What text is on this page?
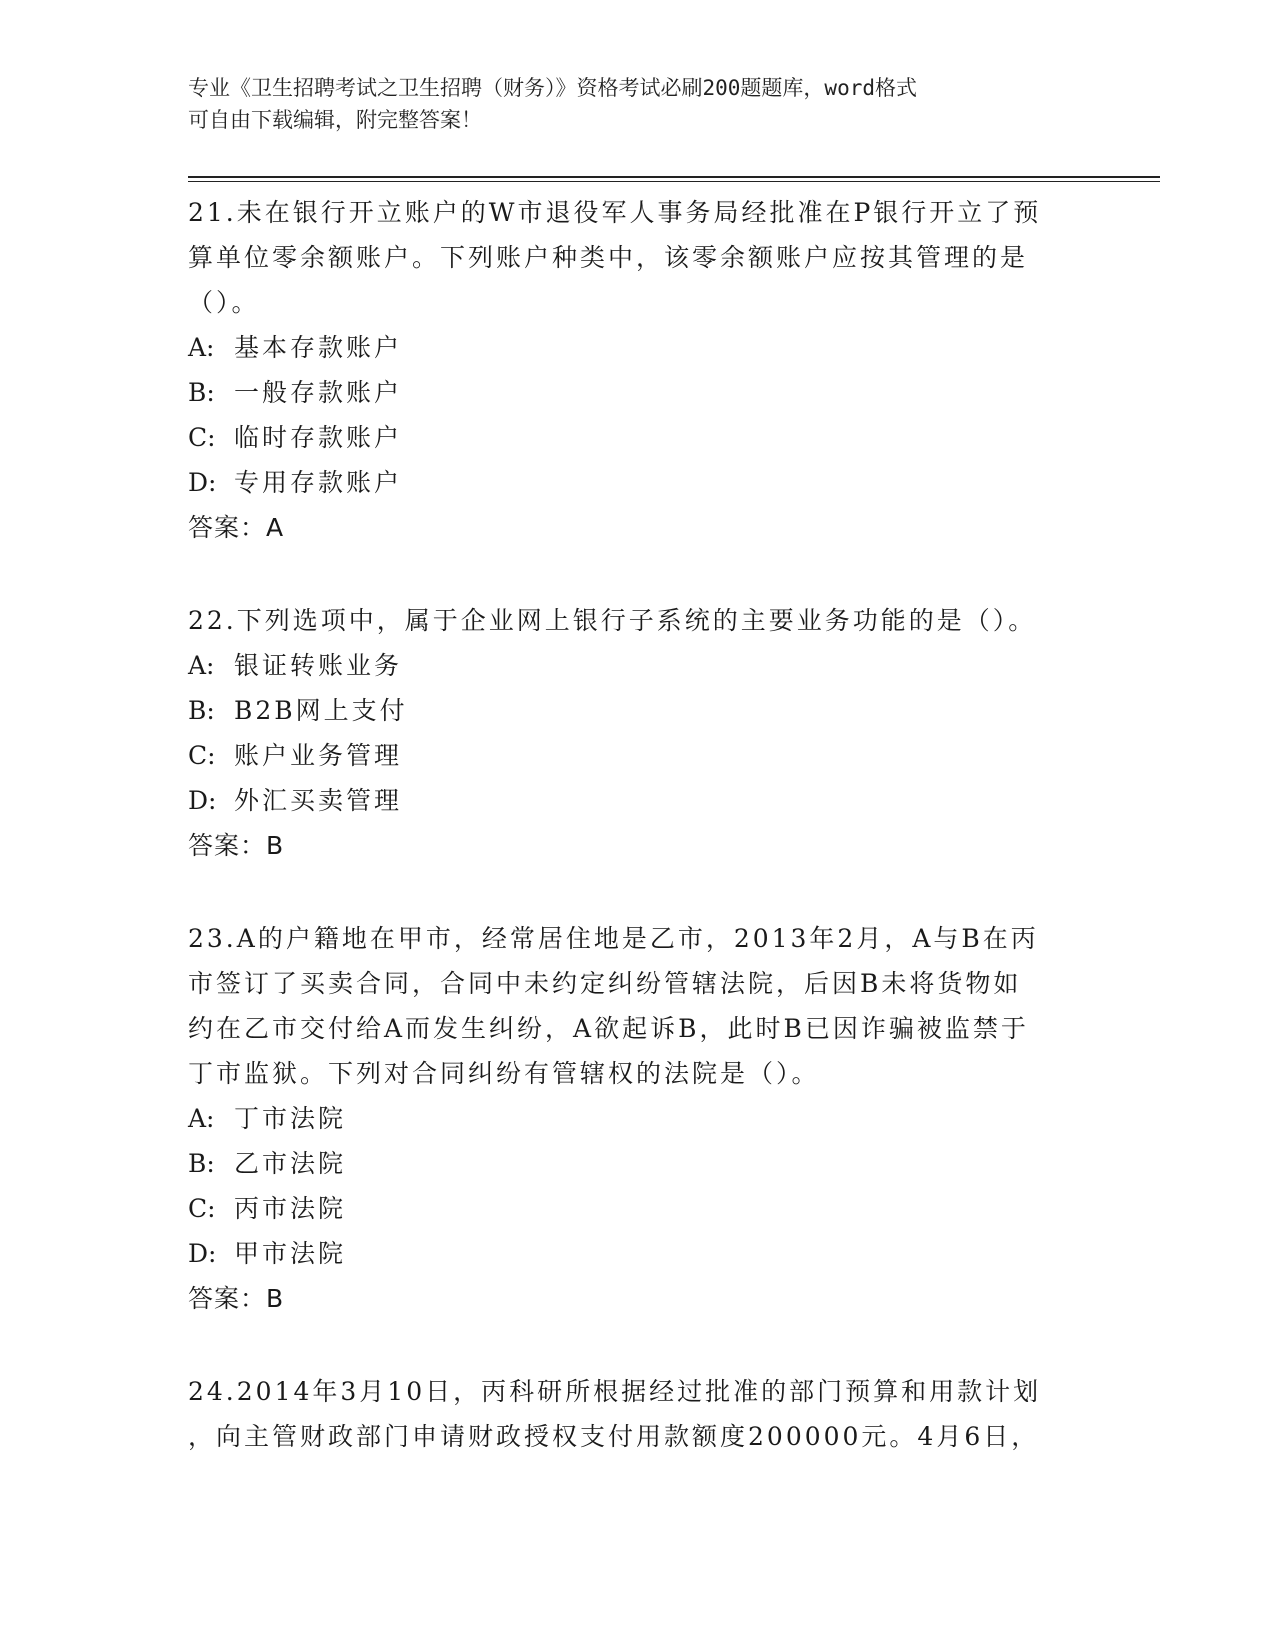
专业《卫生招聘考试之卫生招聘（财务）》资格考试必刷200题题库，word格式
可自由下载编辑，附完整答案！
21.未在银行开立账户的W市退役军人事务局经批准在P银行开立了预
算单位零余额账户。下列账户种类中，该零余额账户应按其管理的是
（）。
A: 基本存款账户
B: 一般存款账户
C: 临时存款账户
D: 专用存款账户
答案：A
22.下列选项中，属于企业网上银行子系统的主要业务功能的是（）。
A: 银证转账业务
B: B2B网上支付
C: 账户业务管理
D: 外汇买卖管理
答案：B
23.A的户籍地在甲市，经常居住地是乙市，2013年2月，A与B在丙
市签订了买卖合同，合同中未约定纠纷管辖法院，后因B未将货物如
约在乙市交付给A而发生纠纷，A欲起诉B，此时B已因诈骗被监禁于
丁市监狱。下列对合同纠纷有管辖权的法院是（）。
A: 丁市法院
B: 乙市法院
C: 丙市法院
D: 甲市法院
答案：B
24.2014年3月10日，丙科研所根据经过批准的部门预算和用款计划
，向主管财政部门申请财政授权支付用款额度200000元。4月6日，
